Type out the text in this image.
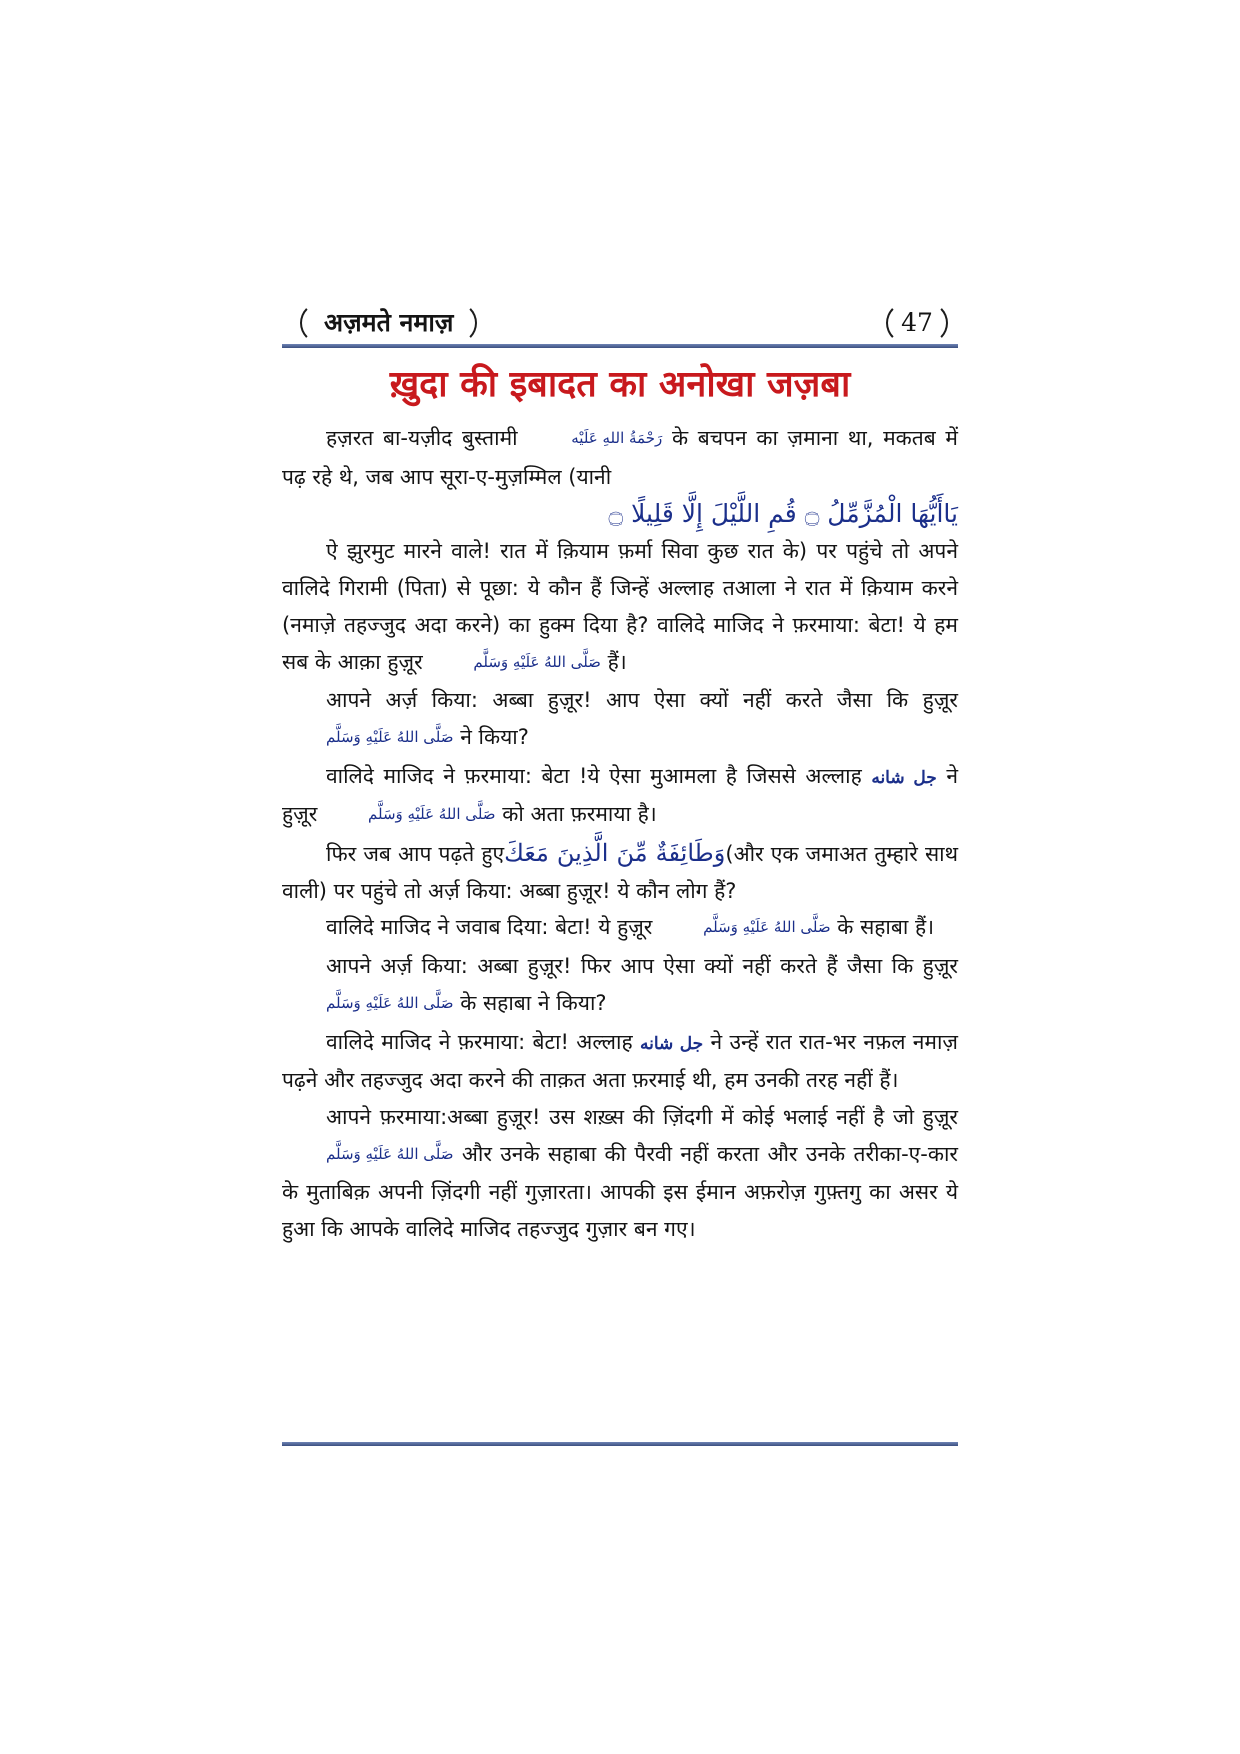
अज़मते नमाज़	47
ख़ुदा की इबादत का अनोखा जज़बा

हज़रत बा-यज़ीद बुस्तामी	رَحْمَةُ اللهِ عَلَيْه के बचपन का ज़माना था, मकतब में पढ़ रहे थे, जब आप सूरा-ए-मुज़म्मिल (यानी

يَاأَيُّهَا الْمُزَّمِّلُ ۝ قُمِ اللَّيْلَ إِلَّا قَلِيلًا ۝

ऐ झुरमुट मारने वाले! रात में क़ियाम फ़र्मा सिवा कुछ रात के) पर पहुंचे तो अपने वालिदे गिरामी (पिता) से पूछा: ये कौन हैं जिन्हें अल्लाह तआला ने रात में क़ियाम करने (नमाज़े तहज्जुद अदा करने) का हुक्म दिया है? वालिदे माजिद ने फ़रमाया: बेटा! ये हम सब के आक़ा हुज़ूर	صَلَّى اللهُ عَلَيْهِ وَسَلَّم हैं।

आपने अर्ज़ किया: अब्बा हुज़ूर! आप ऐसा क्यों नहीं करते जैसा कि हुज़ूर صَلَّى اللهُ عَلَيْهِ وَسَلَّم ने किया?

वालिदे माजिद ने फ़रमाया: बेटा !ये ऐसा मुआमला है जिससे अल्लाह جل شانه ने हुज़ूर	صَلَّى اللهُ عَلَيْهِ وَسَلَّم को अता फ़रमाया है।

फिर जब आप पढ़ते हुएوَطَائِفَةٌ مِّنَ الَّذِينَ مَعَكَ(और एक जमाअत तुम्हारे साथ वाली) पर पहुंचे तो अर्ज़ किया: अब्बा हुज़ूर! ये कौन लोग हैं?

वालिदे माजिद ने जवाब दिया: बेटा! ये हुज़ूर	صَلَّى اللهُ عَلَيْهِ وَسَلَّم के सहाबा हैं।

आपने अर्ज़ किया: अब्बा हुज़ूर! फिर आप ऐसा क्यों नहीं करते हैं जैसा कि हुज़ूर صَلَّى اللهُ عَلَيْهِ وَسَلَّم के सहाबा ने किया?

वालिदे माजिद ने फ़रमाया: बेटा! अल्लाह جل شانه ने उन्हें रात रात-भर नफ़ल नमाज़ पढ़ने और तहज्जुद अदा करने की ताक़त अता फ़रमाई थी, हम उनकी तरह नहीं हैं।

आपने फ़रमाया:अब्बा हुज़ूर! उस शख़्स की ज़िंदगी में कोई भलाई नहीं है जो हुज़ूर صَلَّى اللهُ عَلَيْهِ وَسَلَّم और उनके सहाबा की पैरवी नहीं करता और उनके तरीका-ए-कार के मुताबिक़ अपनी ज़िंदगी नहीं गुज़ारता। आपकी इस ईमान अफ़रोज़ गुफ़्तगु का असर ये हुआ कि आपके वालिदे माजिद तहज्जुद गुज़ार बन गए।
